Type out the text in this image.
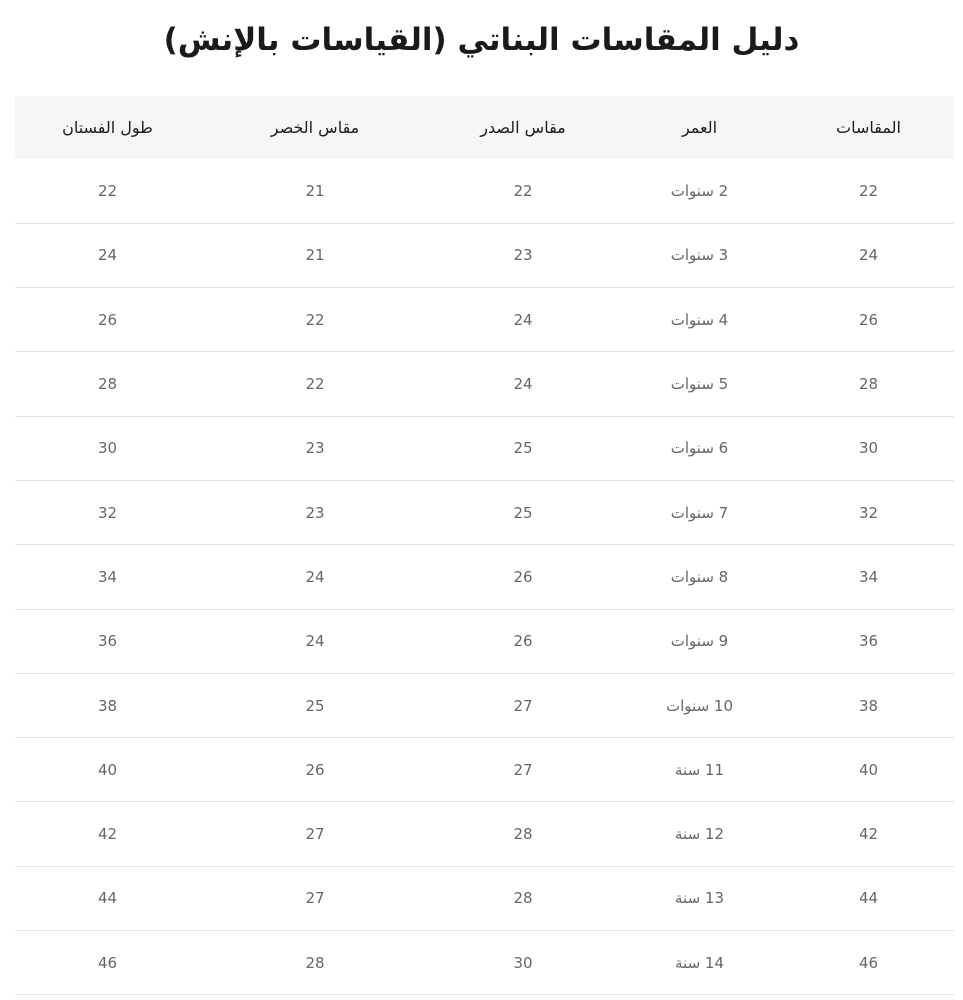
دليل المقاسات البناتي (القياسات بالإنش)
المقاسات	العمر	مقاس الصدر	مقاس الخصر	طول الفستان
22	2 سنوات	22	21	22
24	3 سنوات	23	21	24
26	4 سنوات	24	22	26
28	5 سنوات	24	22	28
30	6 سنوات	25	23	30
32	7 سنوات	25	23	32
34	8 سنوات	26	24	34
36	9 سنوات	26	24	36
38	10 سنوات	27	25	38
40	11 سنة	27	26	40
42	12 سنة	28	27	42
44	13 سنة	28	27	44
46	14 سنة	30	28	46
